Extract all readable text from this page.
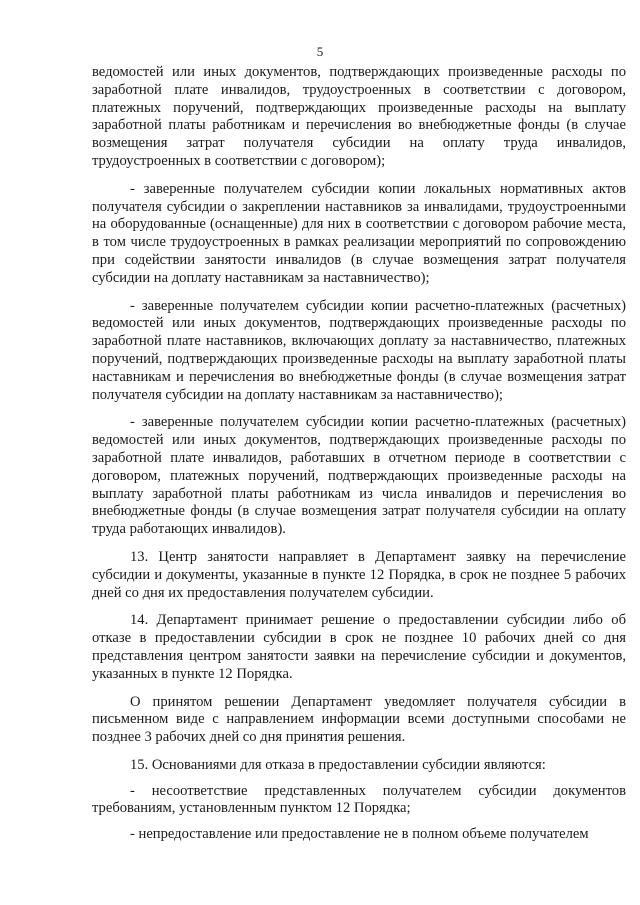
5

ведомостей или иных документов, подтверждающих произведенные расходы по заработной плате инвалидов, трудоустроенных в соответствии с договором, платежных поручений, подтверждающих произведенные расходы на выплату заработной платы работникам и перечисления во внебюджетные фонды (в случае возмещения затрат получателя субсидии на оплату труда инвалидов, трудоустроенных в соответствии с договором);

- заверенные получателем субсидии копии локальных нормативных актов получателя субсидии о закреплении наставников за инвалидами, трудоустроенными на оборудованные (оснащенные) для них в соответствии с договором рабочие места, в том числе трудоустроенных в рамках реализации мероприятий по сопровождению при содействии занятости инвалидов (в случае возмещения затрат получателя субсидии на доплату наставникам за наставничество);

- заверенные получателем субсидии копии расчетно-платежных (расчетных) ведомостей или иных документов, подтверждающих произведенные расходы по заработной плате наставников, включающих доплату за наставничество, платежных поручений, подтверждающих произведенные расходы на выплату заработной платы наставникам и перечисления во внебюджетные фонды (в случае возмещения затрат получателя субсидии на доплату наставникам за наставничество);

- заверенные получателем субсидии копии расчетно-платежных (расчетных) ведомостей или иных документов, подтверждающих произведенные расходы по заработной плате инвалидов, работавших в отчетном периоде в соответствии с договором, платежных поручений, подтверждающих произведенные расходы на выплату заработной платы работникам из числа инвалидов и перечисления во внебюджетные фонды (в случае возмещения затрат получателя субсидии на оплату труда работающих инвалидов).

13. Центр занятости направляет в Департамент заявку на перечисление субсидии и документы, указанные в пункте 12 Порядка, в срок не позднее 5 рабочих дней со дня их предоставления получателем субсидии.

14. Департамент принимает решение о предоставлении субсидии либо об отказе в предоставлении субсидии в срок не позднее 10 рабочих дней со дня представления центром занятости заявки на перечисление субсидии и документов, указанных в пункте 12 Порядка.

О принятом решении Департамент уведомляет получателя субсидии в письменном виде с направлением информации всеми доступными способами не позднее 3 рабочих дней со дня принятия решения.

15. Основаниями для отказа в предоставлении субсидии являются:

- несоответствие представленных получателем субсидии документов требованиям, установленным пунктом 12 Порядка;

- непредоставление или предоставление не в полном объеме получателем
